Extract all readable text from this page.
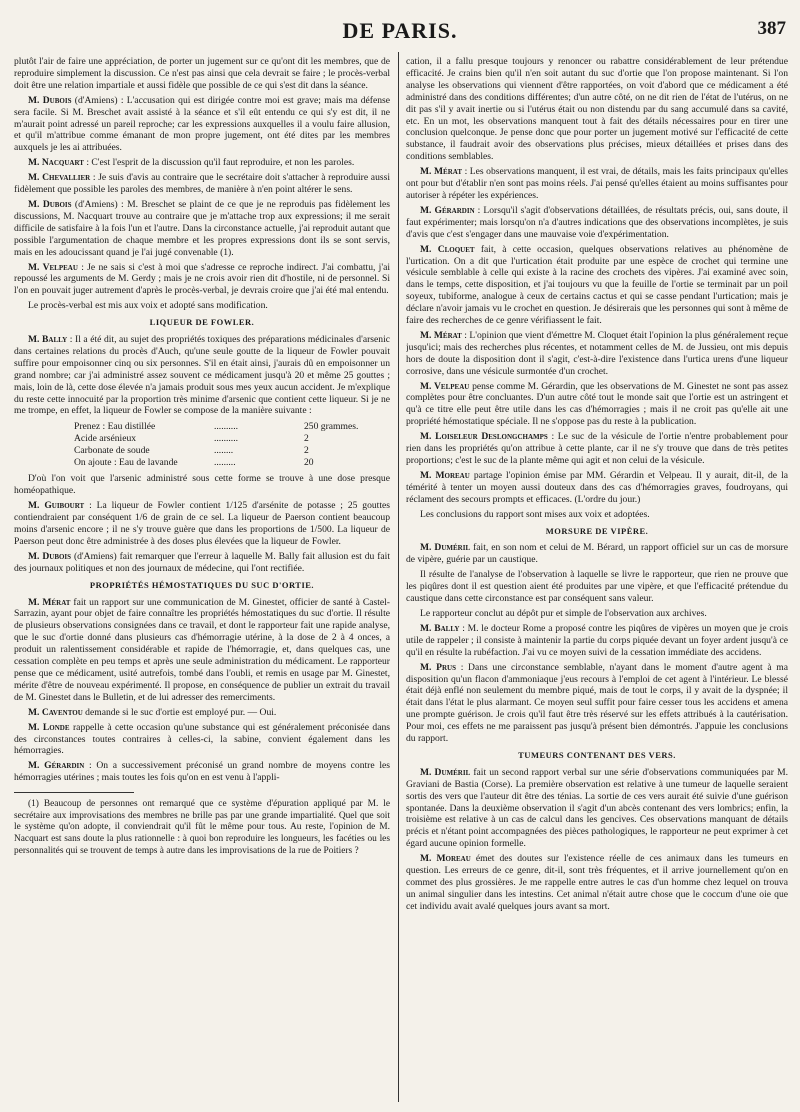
DE PARIS.	387

plutôt l'air de faire une appréciation, de porter un jugement sur ce qu'ont dit les membres, que de reproduire simplement la discussion. Ce n'est pas ainsi que cela devrait se faire ; le procès-verbal doit être une relation impartiale et aussi fidèle que possible de ce qui s'est dit dans la séance.

M. Dubois (d'Amiens) : L'accusation qui est dirigée contre moi est grave; mais ma défense sera facile. Si M. Breschet avait assisté à la séance et s'il eût entendu ce qui s'y est dit, il ne m'aurait point adressé un pareil reproche; car les expressions auxquelles il a voulu faire allusion, et qu'il m'attribue comme émanant de mon propre jugement, ont été dites par les membres auxquels je les ai attribuées.

M. Nacquart : C'est l'esprit de la discussion qu'il faut reproduire, et non les paroles.

M. Chevallier : Je suis d'avis au contraire que le secrétaire doit s'attacher à reproduire aussi fidèlement que possible les paroles des membres, de manière à n'en point altérer le sens.

M. Dubois (d'Amiens) : M. Breschet se plaint de ce que je ne reproduis pas fidèlement les discussions, M. Nacquart trouve au contraire que je m'attache trop aux expressions; il me serait difficile de satisfaire à la fois l'un et l'autre. Dans la circonstance actuelle, j'ai reproduit autant que possible l'argumentation de chaque membre et les propres expressions dont ils se sont servis, mais en les adoucissant quand je l'ai jugé convenable (1).

M. Velpeau : Je ne sais si c'est à moi que s'adresse ce reproche indirect. J'ai combattu, j'ai repoussé les arguments de M. Gerdy ; mais je ne crois avoir rien dit d'hostile, ni de personnel. Si l'on en pouvait juger autrement d'après le procès-verbal, je devrais croire que j'ai été mal entendu.

Le procès-verbal est mis aux voix et adopté sans modification.

LIQUEUR DE FOWLER.

M. Bally : Il a été dit, au sujet des propriétés toxiques des préparations médicinales d'arsenic dans certaines relations du procès d'Auch, qu'une seule goutte de la liqueur de Fowler pouvait suffire pour empoisonner cinq ou six personnes. S'il en était ainsi, j'aurais dû en empoisonner un grand nombre; car j'ai administré assez souvent ce médicament jusqu'à 20 et même 25 gouttes ; mais, loin de là, cette dose élevée n'a jamais produit sous mes yeux aucun accident. Je m'explique du reste cette innocuité par la proportion très minime d'arsenic que contient cette liqueur. Si je ne me trompe, en effet, la liqueur de Fowler se compose de la manière suivante :

Prenez : Eau distillée	..........	250 grammes.
Acide arsénieux	..........	2
Carbonate de soude	........	2
On ajoute : Eau de lavande	.........	20

D'où l'on voit que l'arsenic administré sous cette forme se trouve à une dose presque homéopathique.

M. Guibourt : La liqueur de Fowler contient 1/125 d'arsénite de potasse ; 25 gouttes contiendraient par conséquent 1/6 de grain de ce sel. La liqueur de Paerson contient beaucoup moins d'arsenic encore ; il ne s'y trouve guère que dans les proportions de 1/500. La liqueur de Paerson peut donc être administrée à des doses plus élevées que la liqueur de Fowler.

M. Dubois (d'Amiens) fait remarquer que l'erreur à laquelle M. Bally fait allusion est du fait des journaux politiques et non des journaux de médecine, qui l'ont rectifiée.

PROPRIÉTÉS HÉMOSTATIQUES DU SUC D'ORTIE.

M. Mérat fait un rapport sur une communication de M. Ginestet, officier de santé à Castel-Sarrazin, ayant pour objet de faire connaître les propriétés hémostatiques du suc d'ortie. Il résulte de plusieurs observations consignées dans ce travail, et dont le rapporteur fait une rapide analyse, que le suc d'ortie donné dans plusieurs cas d'hémorragie utérine, à la dose de 2 à 4 onces, a produit un ralentissement considérable et rapide de l'hémorragie, et, dans quelques cas, une cessation complète en peu temps et après une seule administration du médicament. Le rapporteur pense que ce médicament, usité autrefois, tombé dans l'oubli, et remis en usage par M. Ginestet, mérite d'être de nouveau expérimenté. Il propose, en conséquence de publier un extrait du travail de M. Ginestet dans le Bulletin, et de lui adresser des remerciments.

M. Caventou demande si le suc d'ortie est employé pur. — Oui.

M. Londe rappelle à cette occasion qu'une substance qui est généralement préconisée dans des circonstances toutes contraires à celles-ci, la sabine, convient également dans les hémorragies.

M. Gérardin : On a successivement préconisé un grand nombre de moyens contre les hémorragies utérines ; mais toutes les fois qu'on en est venu à l'appli-

(1) Beaucoup de personnes ont remarqué que ce système d'épuration appliqué par M. le secrétaire aux improvisations des membres ne brille pas par une grande impartialité. Quel que soit le système qu'on adopte, il conviendrait qu'il fût le même pour tous. Au reste, l'opinion de M. Nacquart est sans doute la plus rationnelle : à quoi bon reproduire les longueurs, les facéties ou les personnalités qui se trouvent de temps à autre dans les improvisations de la rue de Poitiers ?

cation, il a fallu presque toujours y renoncer ou rabattre considérablement de leur prétendue efficacité. Je crains bien qu'il n'en soit autant du suc d'ortie que l'on propose maintenant. Si l'on analyse les observations qui viennent d'être rapportées, on voit d'abord que ce médicament a été administré dans des conditions différentes; d'un autre côté, on ne dit rien de l'état de l'utérus, on ne dit pas s'il y avait inertie ou si l'utérus était ou non distendu par du sang accumulé dans sa cavité, etc. En un mot, les observations manquent tout à fait des détails nécessaires pour en tirer une conclusion quelconque. Je pense donc que pour porter un jugement motivé sur l'efficacité de cette substance, il faudrait avoir des observations plus précises, mieux détaillées et prises dans des conditions semblables.

M. Mérat : Les observations manquent, il est vrai, de détails, mais les faits principaux qu'elles ont pour but d'établir n'en sont pas moins réels. J'ai pensé qu'elles étaient au moins suffisantes pour autoriser à répéter les expériences.

M. Gérardin : Lorsqu'il s'agit d'observations détaillées, de résultats précis, oui, sans doute, il faut expérimenter; mais lorsqu'on n'a d'autres indications que des observations incomplètes, je suis d'avis que c'est s'engager dans une mauvaise voie d'expérimentation.

M. Cloquet fait, à cette occasion, quelques observations relatives au phénomène de l'urtication. On a dit que l'urtication était produite par une espèce de crochet qui termine une vésicule semblable à celle qui existe à la racine des crochets des vipères. J'ai examiné avec soin, dans le temps, cette disposition, et j'ai toujours vu que la feuille de l'ortie se terminait par un poil soyeux, tubiforme, analogue à ceux de certains cactus et qui se casse pendant l'urtication; mais je déclare n'avoir jamais vu le crochet en question. Je désirerais que les personnes qui sont à même de faire des recherches de ce genre vérifiassent le fait.

M. Mérat : L'opinion que vient d'émettre M. Cloquet était l'opinion la plus généralement reçue jusqu'ici; mais des recherches plus récentes, et notamment celles de M. de Jussieu, ont mis depuis hors de doute la disposition dont il s'agit, c'est-à-dire l'existence dans l'urtica urens d'une liqueur corrosive, dans une vésicule surmontée d'un crochet.

M. Velpeau pense comme M. Gérardin, que les observations de M. Ginestet ne sont pas assez complètes pour être concluantes. D'un autre côté tout le monde sait que l'ortie est un astringent et qu'à ce titre elle peut être utile dans les cas d'hémorragies ; mais il ne croit pas qu'elle ait une propriété hémostatique spéciale. Il ne s'oppose pas du reste à la publication.

M. Loiseleur Deslongchamps : Le suc de la vésicule de l'ortie n'entre probablement pour rien dans les propriétés qu'on attribue à cette plante, car il ne s'y trouve que dans de très petites proportions; c'est le suc de la plante même qui agit et non celui de la vésicule.

M. Moreau partage l'opinion émise par MM. Gérardin et Velpeau. Il y aurait, dit-il, de la témérité à tenter un moyen aussi douteux dans des cas d'hémorragies graves, foudroyans, qui réclament des secours prompts et efficaces. (L'ordre du jour.)

Les conclusions du rapport sont mises aux voix et adoptées.

MORSURE DE VIPÈRE.

M. Duméril fait, en son nom et celui de M. Bérard, un rapport officiel sur un cas de morsure de vipère, guérie par un caustique.

Il résulte de l'analyse de l'observation à laquelle se livre le rapporteur, que rien ne prouve que les piqûres dont il est question aient été produites par une vipère, et que l'efficacité prétendue du caustique dans cette circonstance est par conséquent sans valeur.

Le rapporteur conclut au dépôt pur et simple de l'observation aux archives.

M. Bally : M. le docteur Rome a proposé contre les piqûres de vipères un moyen que je crois utile de rappeler ; il consiste à maintenir la partie du corps piquée devant un foyer ardent jusqu'à ce qu'il en résulte la rubéfaction. J'ai vu ce moyen suivi de la cessation immédiate des accidens.

M. Prus : Dans une circonstance semblable, n'ayant dans le moment d'autre agent à ma disposition qu'un flacon d'ammoniaque j'eus recours à l'emploi de cet agent à l'intérieur. Le blessé était déjà enflé non seulement du membre piqué, mais de tout le corps, il y avait de la dyspnée; il était dans l'état le plus alarmant. Ce moyen seul suffit pour faire cesser tous les accidens et amena une prompte guérison. Je crois qu'il faut être très réservé sur les effets attribués à la cautérisation. Pour moi, ces effets ne me paraissent pas jusqu'à présent bien démontrés. J'appuie les conclusions du rapport.

TUMEURS CONTENANT DES VERS.

M. Duméril fait un second rapport verbal sur une série d'observations communiquées par M. Graviani de Bastia (Corse). La première observation est relative à une tumeur de laquelle seraient sortis des vers que l'auteur dit être des ténias. La sortie de ces vers aurait été suivie d'une guérison spontanée. Dans la deuxième observation il s'agit d'un abcès contenant des vers lombrics; enfin, la troisième est relative à un cas de calcul dans les gencives. Ces observations manquant de détails précis et n'étant point accompagnées des pièces pathologiques, le rapporteur ne peut exprimer à cet égard aucune opinion formelle.

M. Moreau émet des doutes sur l'existence réelle de ces animaux dans les tumeurs en question. Les erreurs de ce genre, dit-il, sont très fréquentes, et il arrive journellement qu'on en commet des plus grossières. Je me rappelle entre autres le cas d'un homme chez lequel on trouva un animal singulier dans les intestins. Cet animal n'était autre chose que le coccum d'une oie que cet individu avait avalé quelques jours avant sa mort.
